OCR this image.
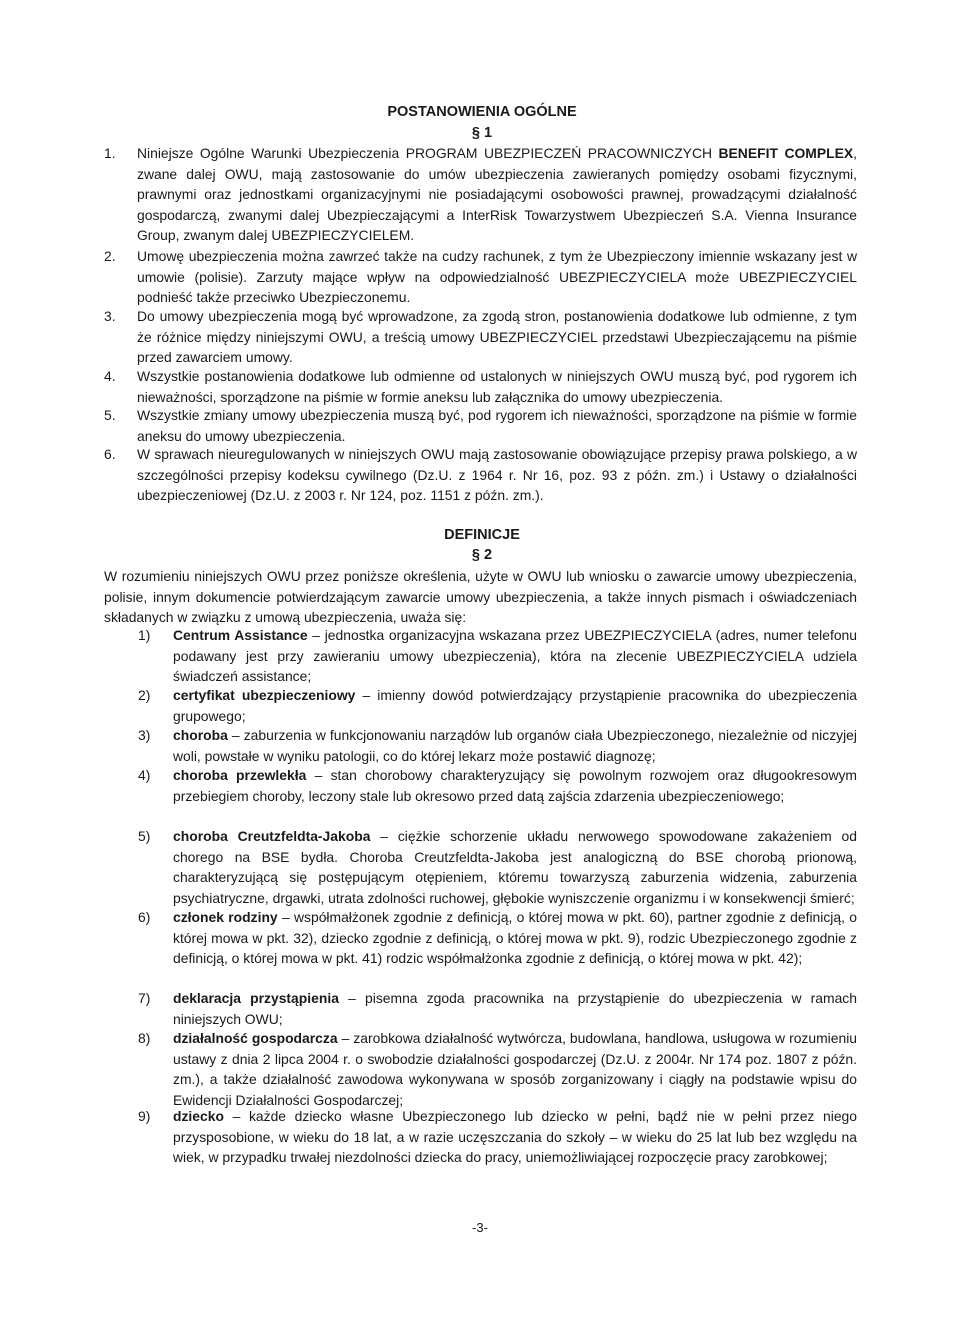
POSTANOWIENIA OGÓLNE
§ 1
1. Niniejsze Ogólne Warunki Ubezpieczenia PROGRAM UBEZPIECZEŃ PRACOWNICZYCH BENEFIT COMPLEX, zwane dalej OWU, mają zastosowanie do umów ubezpieczenia zawieranych pomiędzy osobami fizycznymi, prawnymi oraz jednostkami organizacyjnymi nie posiadającymi osobowości prawnej, prowadzącymi działalność gospodarczą, zwanymi dalej Ubezpieczającymi a InterRisk Towarzystwem Ubezpieczeń S.A. Vienna Insurance Group, zwanym dalej UBEZPIECZYCIELEM.
2. Umowę ubezpieczenia można zawrzeć także na cudzy rachunek, z tym że Ubezpieczony imiennie wskazany jest w umowie (polisie). Zarzuty mające wpływ na odpowiedzialność UBEZPIECZYCIELA może UBEZPIECZYCIEL podnieść także przeciwko Ubezpieczonemu.
3. Do umowy ubezpieczenia mogą być wprowadzone, za zgodą stron, postanowienia dodatkowe lub odmienne, z tym że różnice między niniejszymi OWU, a treścią umowy UBEZPIECZYCIEL przedstawi Ubezpieczającemu na piśmie przed zawarciem umowy.
4. Wszystkie postanowienia dodatkowe lub odmienne od ustalonych w niniejszych OWU muszą być, pod rygorem ich nieważności, sporządzone na piśmie w formie aneksu lub załącznika do umowy ubezpieczenia.
5. Wszystkie zmiany umowy ubezpieczenia muszą być, pod rygorem ich nieważności, sporządzone na piśmie w formie aneksu do umowy ubezpieczenia.
6. W sprawach nieuregulowanych w niniejszych OWU mają zastosowanie obowiązujące przepisy prawa polskiego, a w szczególności przepisy kodeksu cywilnego (Dz.U. z 1964 r. Nr 16, poz. 93 z późn. zm.) i Ustawy o działalności ubezpieczeniowej (Dz.U. z 2003 r. Nr 124, poz. 1151 z późn. zm.).
DEFINICJE
§ 2
W rozumieniu niniejszych OWU przez poniższe określenia, użyte w OWU lub wniosku o zawarcie umowy ubezpieczenia, polisie, innym dokumencie potwierdzającym zawarcie umowy ubezpieczenia, a także innych pismach i oświadczeniach składanych w związku z umową ubezpieczenia, uważa się:
1) Centrum Assistance – jednostka organizacyjna wskazana przez UBEZPIECZYCIELA (adres, numer telefonu podawany jest przy zawieraniu umowy ubezpieczenia), która na zlecenie UBEZPIECZYCIELA udziela świadczeń assistance;
2) certyfikat ubezpieczeniowy – imienny dowód potwierdzający przystąpienie pracownika do ubezpieczenia grupowego;
3) choroba – zaburzenia w funkcjonowaniu narządów lub organów ciała Ubezpieczonego, niezależnie od niczyjej woli, powstałe w wyniku patologii, co do której lekarz może postawić diagnozę;
4) choroba przewlekła – stan chorobowy charakteryzujący się powolnym rozwojem oraz długookresowym przebiegiem choroby, leczony stale lub okresowo przed datą zajścia zdarzenia ubezpieczeniowego;
5) choroba Creutzfeldta-Jakoba – ciężkie schorzenie układu nerwowego spowodowane zakażeniem od chorego na BSE bydła. Choroba Creutzfeldta-Jakoba jest analogiczną do BSE chorobą prionową, charakteryzującą się postępującym otępieniem, któremu towarzyszą zaburzenia widzenia, zaburzenia psychiatryczne, drgawki, utrata zdolności ruchowej, głębokie wyniszczenie organizmu i w konsekwencji śmierć;
6) członek rodziny – współmałżonek zgodnie z definicją, o której mowa w pkt. 60), partner zgodnie z definicją, o której mowa w pkt. 32), dziecko zgodnie z definicją, o której mowa w pkt. 9), rodzic Ubezpieczonego zgodnie z definicją, o której mowa w pkt. 41) rodzic współmałżonka zgodnie z definicją, o której mowa w pkt. 42);
7) deklaracja przystąpienia – pisemna zgoda pracownika na przystąpienie do ubezpieczenia w ramach niniejszych OWU;
8) działalność gospodarcza – zarobkowa działalność wytwórcza, budowlana, handlowa, usługowa w rozumieniu ustawy z dnia 2 lipca 2004 r. o swobodzie działalności gospodarczej (Dz.U. z 2004r. Nr 174 poz. 1807 z późn. zm.), a także działalność zawodowa wykonywana w sposób zorganizowany i ciągły na podstawie wpisu do Ewidencji Działalności Gospodarczej;
9) dziecko – każde dziecko własne Ubezpieczonego lub dziecko w pełni, bądź nie w pełni przez niego przysposobione, w wieku do 18 lat, a w razie uczęszczania do szkoły – w wieku do 25 lat lub bez względu na wiek, w przypadku trwałej niezdolności dziecka do pracy, uniemożliwiającej rozpoczęcie pracy zarobkowej;
-3-
